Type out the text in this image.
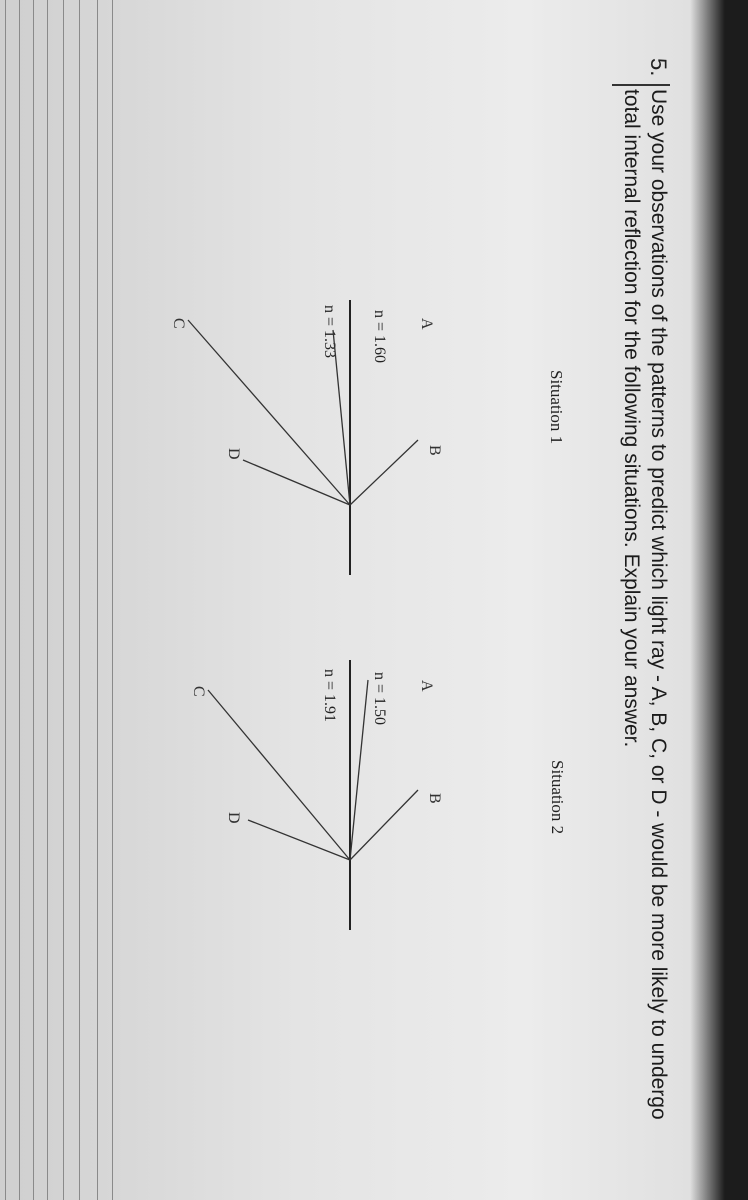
5.
Use your observations of the patterns to predict which light ray - A, B, C, or D - would be more likely to undergo total internal reflection for the following situations. Explain your answer.
Situation 1
n = 1.60
n = 1.33
Situation 2
n = 1.50
n = 1.91
A
B
C
D
A
B
C
D
